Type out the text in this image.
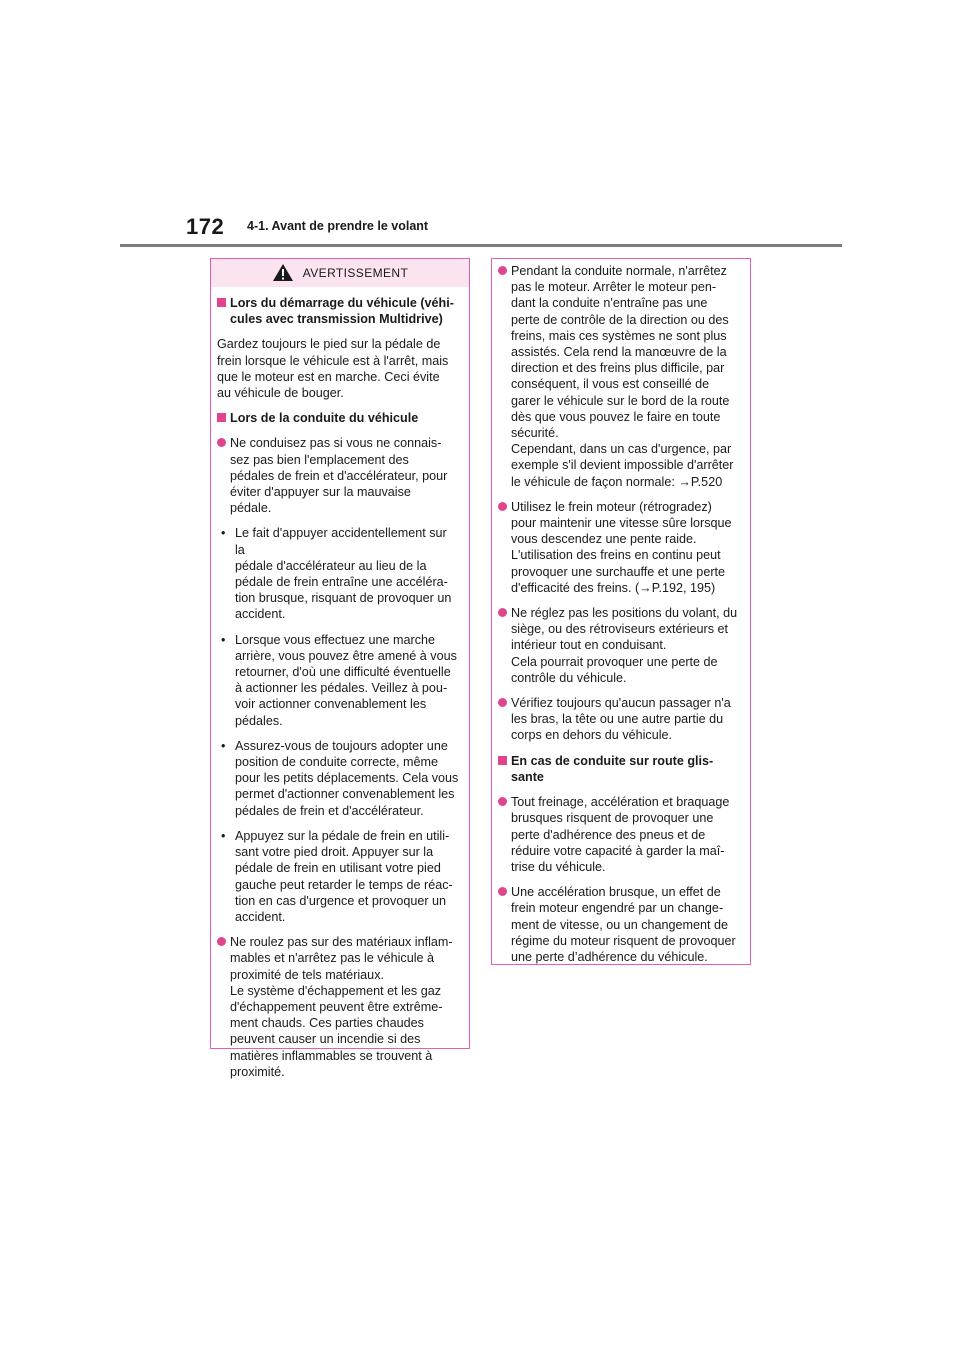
172 4-1. Avant de prendre le volant
AVERTISSEMENT
Lors du démarrage du véhicule (véhi-
cules avec transmission Multidrive)
Gardez toujours le pied sur la pédale de
frein lorsque le véhicule est à l'arrêt, mais
que le moteur est en marche. Ceci évite
au véhicule de bouger.
Lors de la conduite du véhicule
Ne conduisez pas si vous ne connais-
sez pas bien l'emplacement des
pédales de frein et d'accélérateur, pour
éviter d'appuyer sur la mauvaise
pédale.
• Le fait d'appuyer accidentellement sur la
pédale d'accélérateur au lieu de la
pédale de frein entraîne une accéléra-
tion brusque, risquant de provoquer un
accident.
• Lorsque vous effectuez une marche
arrière, vous pouvez être amené à vous
retourner, d'où une difficulté éventuelle
à actionner les pédales. Veillez à pou-
voir actionner convenablement les
pédales.
• Assurez-vous de toujours adopter une
position de conduite correcte, même
pour les petits déplacements. Cela vous
permet d'actionner convenablement les
pédales de frein et d'accélérateur.
• Appuyez sur la pédale de frein en utili-
sant votre pied droit. Appuyer sur la
pédale de frein en utilisant votre pied
gauche peut retarder le temps de réac-
tion en cas d'urgence et provoquer un
accident.
Ne roulez pas sur des matériaux inflam-
mables et n'arrêtez pas le véhicule à
proximité de tels matériaux.
Le système d'échappement et les gaz
d'échappement peuvent être extrême-
ment chauds. Ces parties chaudes
peuvent causer un incendie si des
matières inflammables se trouvent à
proximité.
Pendant la conduite normale, n'arrêtez
pas le moteur. Arrêter le moteur pen-
dant la conduite n'entraîne pas une
perte de contrôle de la direction ou des
freins, mais ces systèmes ne sont plus
assistés. Cela rend la manœuvre de la
direction et des freins plus difficile, par
conséquent, il vous est conseillé de
garer le véhicule sur le bord de la route
dès que vous pouvez le faire en toute
sécurité.
Cependant, dans un cas d'urgence, par
exemple s'il devient impossible d'arrêter
le véhicule de façon normale: →P.520
Utilisez le frein moteur (rétrogradez)
pour maintenir une vitesse sûre lorsque
vous descendez une pente raide.
L'utilisation des freins en continu peut
provoquer une surchauffe et une perte
d'efficacité des freins. (→P.192, 195)
Ne réglez pas les positions du volant, du
siège, ou des rétroviseurs extérieurs et
intérieur tout en conduisant.
Cela pourrait provoquer une perte de
contrôle du véhicule.
Vérifiez toujours qu'aucun passager n'a
les bras, la tête ou une autre partie du
corps en dehors du véhicule.
En cas de conduite sur route glis-
sante
Tout freinage, accélération et braquage
brusques risquent de provoquer une
perte d'adhérence des pneus et de
réduire votre capacité à garder la maî-
trise du véhicule.
Une accélération brusque, un effet de
frein moteur engendré par un change-
ment de vitesse, ou un changement de
régime du moteur risquent de provoquer
une perte d’adhérence du véhicule.
